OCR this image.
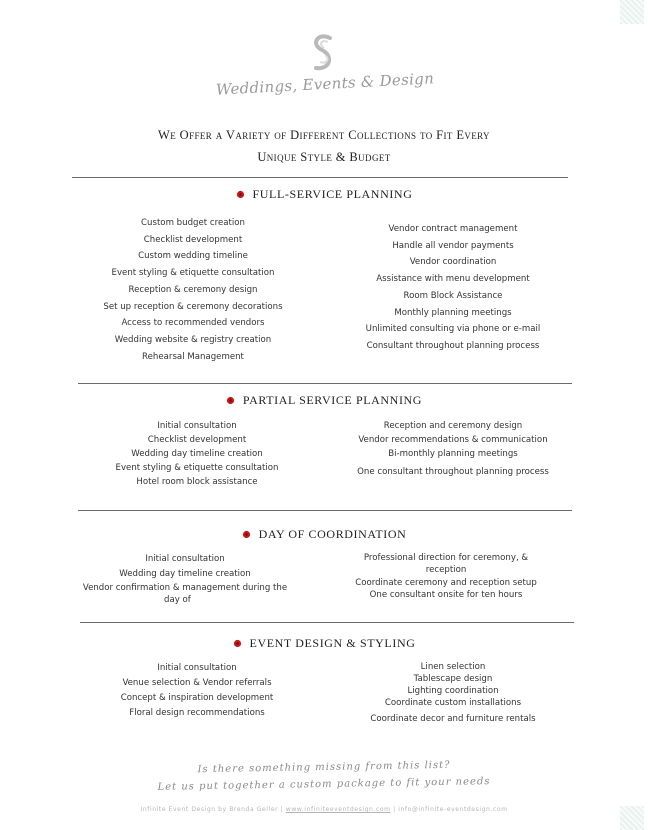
Weddings, Events & Design
We Offer a Variety of Different Collections to Fit Every
Unique Style & Budget
FULL-SERVICE PLANNING
Custom budget creation
Checklist development
Custom wedding timeline
Event styling & etiquette consultation
Reception & ceremony design
Set up reception & ceremony decorations
Access to recommended vendors
Wedding website & registry creation
Rehearsal Management
Vendor contract management
Handle all vendor payments
Vendor coordination
Assistance with menu development
Room Block Assistance
Monthly planning meetings
Unlimited consulting via phone or e-mail
Consultant throughout planning process
PARTIAL SERVICE PLANNING
Initial consultation
Checklist development
Wedding day timeline creation
Event styling & etiquette consultation
Hotel room block assistance
Reception and ceremony design
Vendor recommendations & communication
Bi-monthly planning meetings
One consultant throughout planning process
DAY OF COORDINATION
Initial consultation
Wedding day timeline creation
Vendor confirmation & management during the
day of
Professional direction for ceremony, &
reception
Coordinate ceremony and reception setup
One consultant onsite for ten hours
EVENT DESIGN & STYLING
Initial consultation
Venue selection & Vendor referrals
Concept & inspiration development
Floral design recommendations
Linen selection
Tablescape design
Lighting coordination
Coordinate custom installations
Coordinate decor and furniture rentals
Is there something missing from this list?
Let us put together a custom package to fit your needs
Infinite Event Design by Brenda Geller | www.infiniteeventdesign.com | info@infinite-eventdesign.com
